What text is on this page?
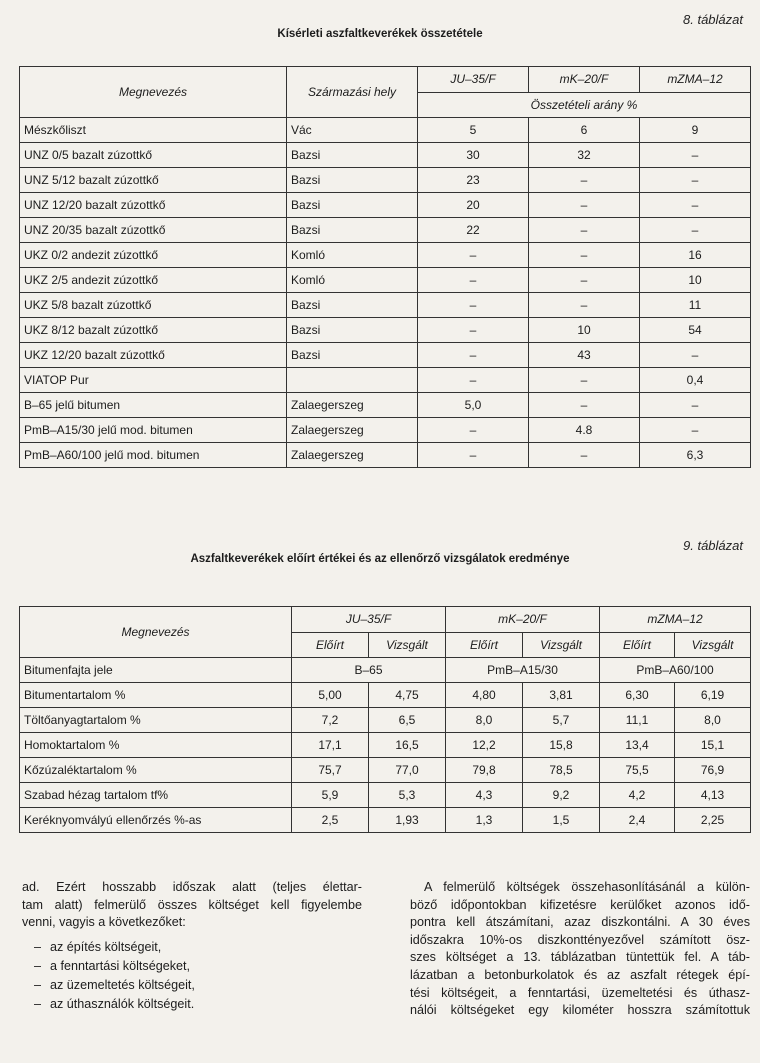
8. táblázat
Kísérleti aszfaltkeverékek összetétele
Megnevezés	Származási hely	JU–35/F	mK–20/F	mZMA–12
		Összetételi arány %		
Mészkőliszt	Vác	5	6	9
UNZ 0/5 bazalt zúzottkő	Bazsi	30	32	–
UNZ 5/12 bazalt zúzottkő	Bazsi	23	–	–
UNZ 12/20 bazalt zúzottkő	Bazsi	20	–	–
UNZ 20/35 bazalt zúzottkő	Bazsi	22	–	–
UKZ 0/2 andezit zúzottkő	Komló	–	–	16
UKZ 2/5 andezit zúzottkő	Komló	–	–	10
UKZ 5/8 bazalt zúzottkő	Bazsi	–	–	11
UKZ 8/12 bazalt zúzottkő	Bazsi	–	10	54
UKZ 12/20 bazalt zúzottkő	Bazsi	–	43	–
VIATOP Pur		–	–	0,4
B–65 jelű bitumen	Zalaegerszeg	5,0	–	–
PmB–A15/30 jelű mod. bitumen	Zalaegerszeg	–	4.8	–
PmB–A60/100 jelű mod. bitumen	Zalaegerszeg	–	–	6,3
9. táblázat
Aszfaltkeverékek előírt értékei és az ellenőrző vizsgálatok eredménye
Megnevezés	JU–35/F		mK–20/F		mZMA–12	
	Előírt	Vizsgált	Előírt	Vizsgált	Előírt	Vizsgált
Bitumenfajta jele	B–65		PmB–A15/30		PmB–A60/100	
Bitumentartalom %	5,00	4,75	4,80	3,81	6,30	6,19
Töltőanyagtartalom %	7,2	6,5	8,0	5,7	11,1	8,0
Homoktartalom %	17,1	16,5	12,2	15,8	13,4	15,1
Kőzúzaléktartalom %	75,7	77,0	79,8	78,5	75,5	76,9
Szabad hézag tartalom tf%	5,9	5,3	4,3	9,2	4,2	4,13
Keréknyomvályú ellenőrzés %-as	2,5	1,93	1,3	1,5	2,4	2,25

ad. Ezért hosszabb időszak alatt (teljes élettar-

tam alatt) felmerülő összes költséget kell figyelembe

venni, vagyis a következőket:

– az építés költségeit,
– a fenntartási költségeket,
– az üzemeltetés költségeit,
– az úthasználók költségeit.

A felmerülő költségek összehasonlításánál a külön-

böző időpontokban kifizetésre kerülőket azonos idő-

pontra kell átszámítani, azaz diszkontálni. A 30 éves

időszakra 10%-os diszkonttényezővel számított ösz-

szes költséget a 13. táblázatban tüntettük fel. A táb-

lázatban a betonburkolatok és az aszfalt rétegek épí-

tési költségeit, a fenntartási, üzemeltetési és úthasz-

nálói költségeket egy kilométer hosszra számítottuk
